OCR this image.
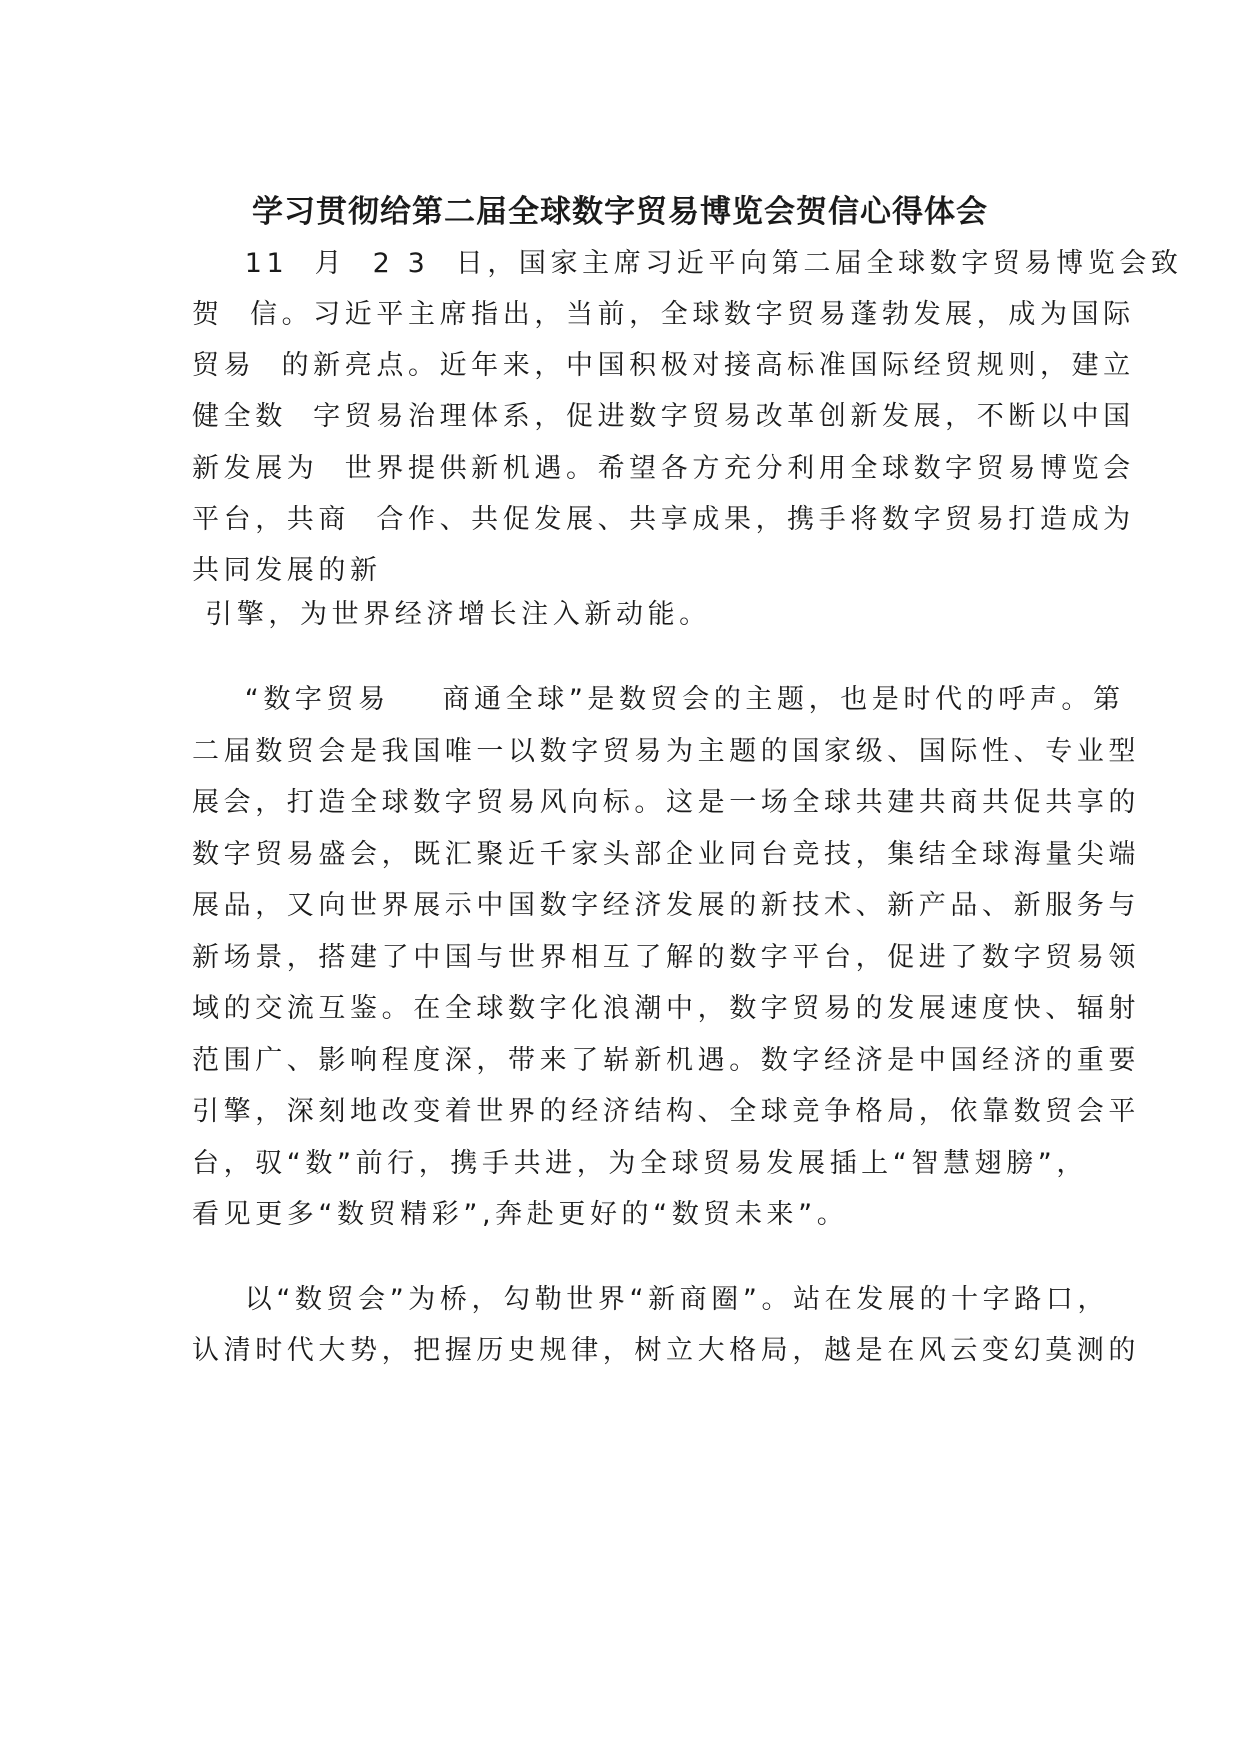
学习贯彻给第二届全球数字贸易博览会贺信心得体会
11  月  2 3  日，国家主席习近平向第二届全球数字贸易博览会致
贺  信。习近平主席指出，当前，全球数字贸易蓬勃发展，成为国际
贸易  的新亮点。近年来，中国积极对接高标准国际经贸规则，建立
健全数  字贸易治理体系，促进数字贸易改革创新发展，不断以中国
新发展为  世界提供新机遇。希望各方充分利用全球数字贸易博览会
平台，共商  合作、共促发展、共享成果，携手将数字贸易打造成为
共同发展的新
引擎，为世界经济增长注入新动能。
“数字贸易    商通全球”是数贸会的主题，也是时代的呼声。第
二届数贸会是我国唯一以数字贸易为主题的国家级、国际性、专业型
展会，打造全球数字贸易风向标。这是一场全球共建共商共促共享的
数字贸易盛会，既汇聚近千家头部企业同台竞技，集结全球海量尖端
展品，又向世界展示中国数字经济发展的新技术、新产品、新服务与
新场景，搭建了中国与世界相互了解的数字平台，促进了数字贸易领
域的交流互鉴。在全球数字化浪潮中，数字贸易的发展速度快、辐射
范围广、影响程度深，带来了崭新机遇。数字经济是中国经济的重要
引擎，深刻地改变着世界的经济结构、全球竞争格局，依靠数贸会平
台，驭“数”前行，携手共进，为全球贸易发展插上“智慧翅膀”，
看见更多“数贸精彩”,奔赴更好的“数贸未来”。
以“数贸会”为桥，勾勒世界“新商圈”。站在发展的十字路口，
认清时代大势，把握历史规律，树立大格局，越是在风云变幻莫测的
